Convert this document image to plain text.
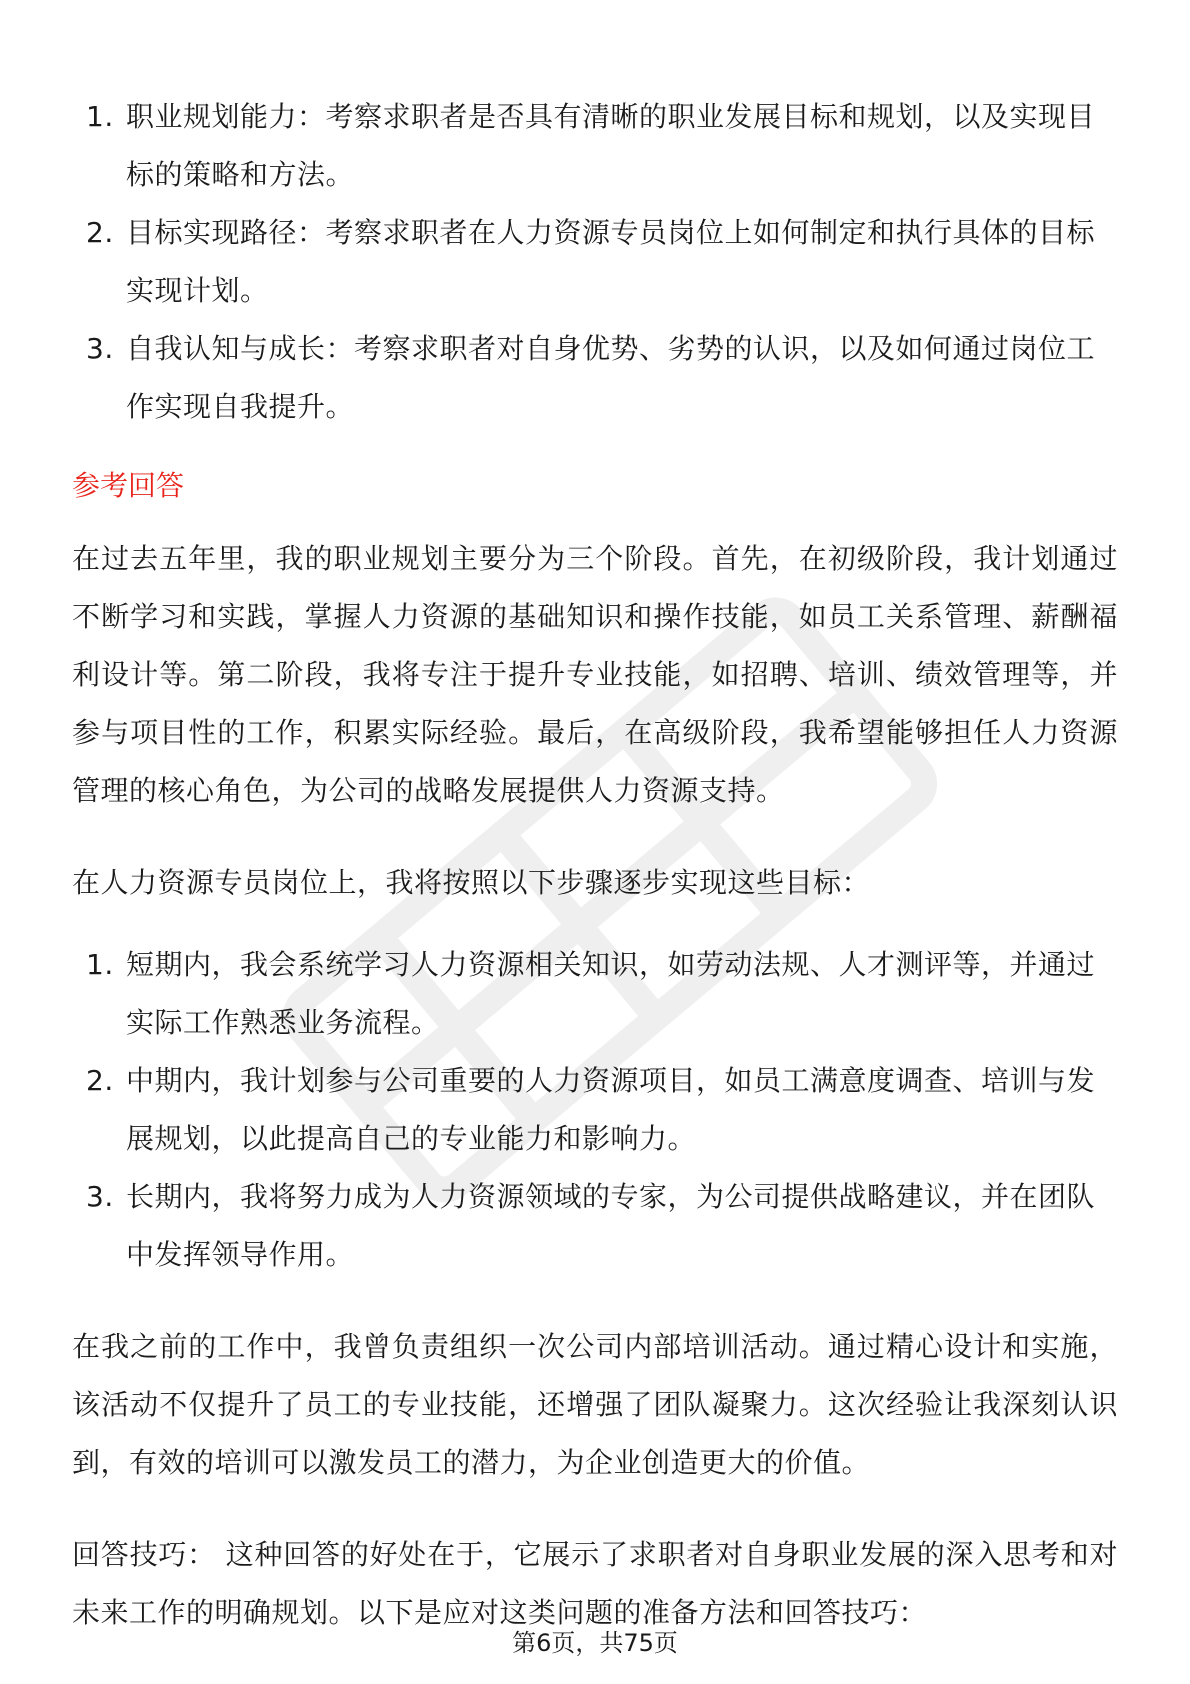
1. 职业规划能力：考察求职者是否具有清晰的职业发展目标和规划，以及实现目标的策略和方法。
2. 目标实现路径：考察求职者在人力资源专员岗位上如何制定和执行具体的目标实现计划。
3. 自我认知与成长：考察求职者对自身优势、劣势的认识，以及如何通过岗位工作实现自我提升。
参考回答

在过去五年里，我的职业规划主要分为三个阶段。首先，在初级阶段，我计划通过不断学习和实践，掌握人力资源的基础知识和操作技能，如员工关系管理、薪酬福利设计等。第二阶段，我将专注于提升专业技能，如招聘、培训、绩效管理等，并参与项目性的工作，积累实际经验。最后，在高级阶段，我希望能够担任人力资源管理的核心角色，为公司的战略发展提供人力资源支持。

在人力资源专员岗位上，我将按照以下步骤逐步实现这些目标：

1. 短期内，我会系统学习人力资源相关知识，如劳动法规、人才测评等，并通过实际工作熟悉业务流程。
2. 中期内，我计划参与公司重要的人力资源项目，如员工满意度调查、培训与发展规划，以此提高自己的专业能力和影响力。
3. 长期内，我将努力成为人力资源领域的专家，为公司提供战略建议，并在团队中发挥领导作用。

在我之前的工作中，我曾负责组织一次公司内部培训活动。通过精心设计和实施，该活动不仅提升了员工的专业技能，还增强了团队凝聚力。这次经验让我深刻认识到，有效的培训可以激发员工的潜力，为企业创造更大的价值。

回答技巧： 这种回答的好处在于，它展示了求职者对自身职业发展的深入思考和对未来工作的明确规划。以下是应对这类问题的准备方法和回答技巧：

第6页，共75页
